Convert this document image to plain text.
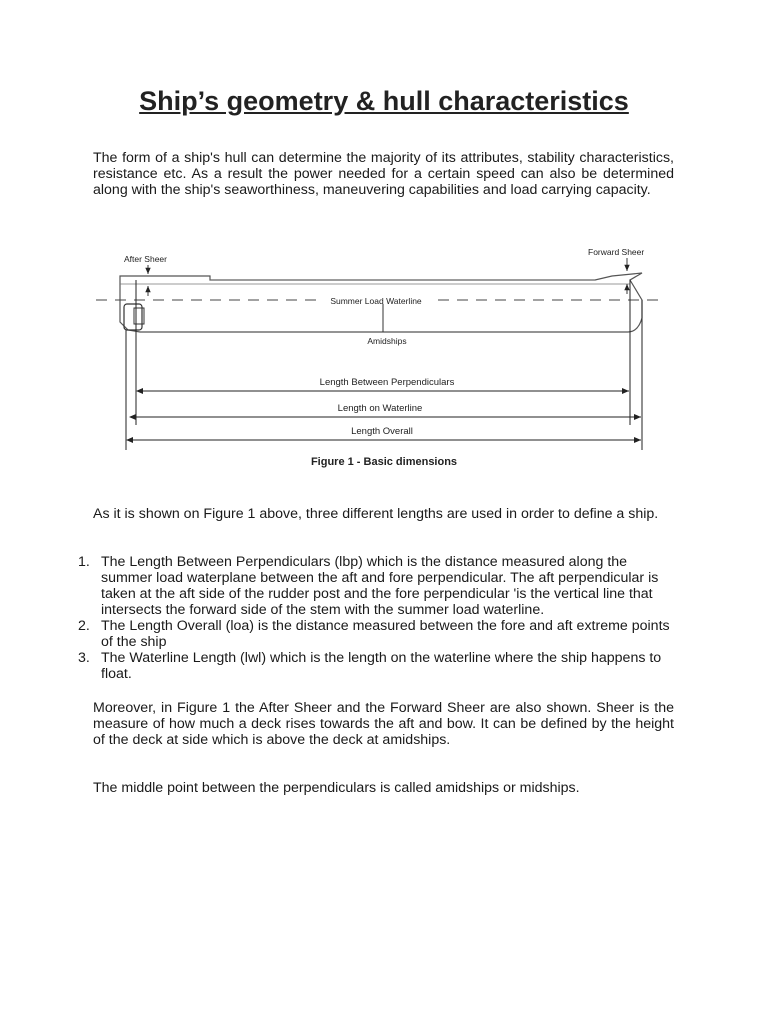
Ship’s geometry & hull characteristics

The form of a ship's hull can determine the majority of its attributes, stability characteristics, resistance etc. As a result the power needed for a certain speed can also be determined along with the ship's seaworthiness, maneuvering capabilities and load carrying capacity.

Summer Load Waterline
Amidships
After Sheer
Forward Sheer
Length Between Perpendiculars
Length on Waterline
Length Overall
Figure 1 - Basic dimensions

As it is shown on Figure 1 above, three different lengths are used in order to define a ship.

1. The Length Between Perpendiculars (lbp) which is the distance measured along the summer load waterplane between the aft and fore perpendicular. The aft perpendicular is taken at the aft side of the rudder post and the fore perpendicular 'is the vertical line that intersects the forward side of the stem with the summer load waterline.
2. The Length Overall (loa) is the distance measured between the fore and aft extreme points of the ship
3. The Waterline Length (lwl) which is the length on the waterline where the ship happens to float.

Moreover, in Figure 1 the After Sheer and the Forward Sheer are also shown. Sheer is the measure of how much a deck rises towards the aft and bow. It can be defined by the height of the deck at side which is above the deck at amidships.

The middle point between the perpendiculars is called amidships or midships.
